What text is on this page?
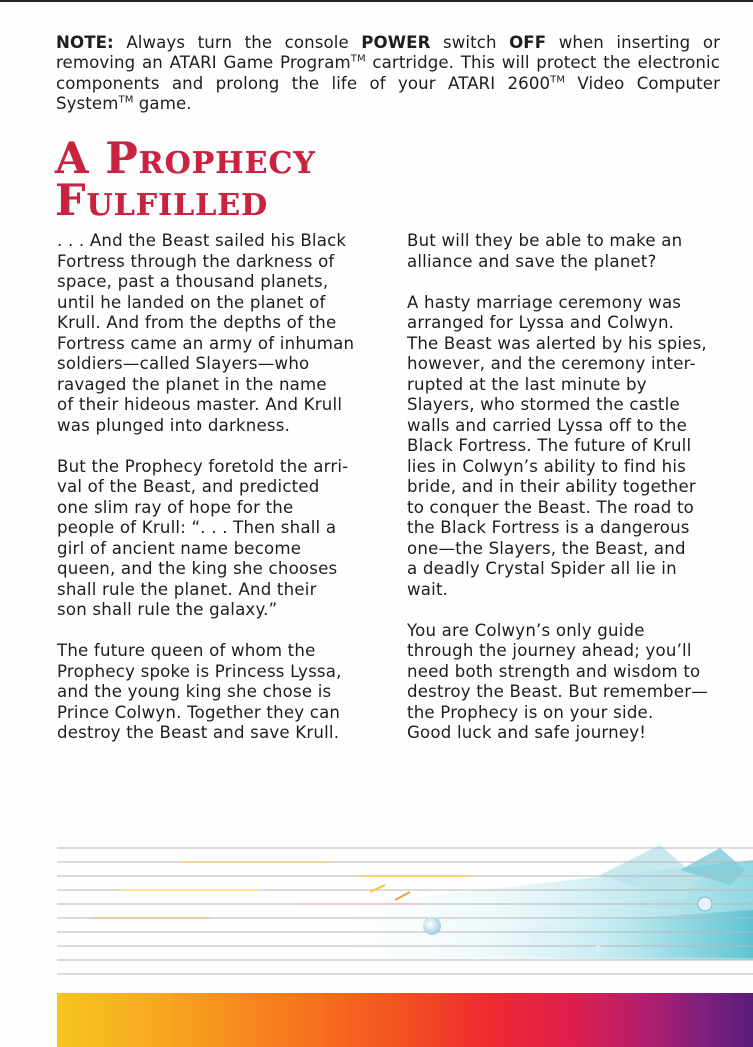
NOTE: Always turn the console POWER switch OFF when inserting or removing an ATARI Game Program™ cartridge. This will protect the electronic components and prolong the life of your ATARI 2600™ Video Computer System™ game.
A Prophecy
Fulfilled

. . . And the Beast sailed his Black
Fortress through the darkness of
space, past a thousand planets,
until he landed on the planet of
Krull. And from the depths of the
Fortress came an army of inhuman
soldiers—called Slayers—who
ravaged the planet in the name
of their hideous master. And Krull
was plunged into darkness.

But the Prophecy foretold the arri-
val of the Beast, and predicted
one slim ray of hope for the
people of Krull: “. . . Then shall a
girl of ancient name become
queen, and the king she chooses
shall rule the planet. And their
son shall rule the galaxy.”

The future queen of whom the
Prophecy spoke is Princess Lyssa,
and the young king she chose is
Prince Colwyn. Together they can
destroy the Beast and save Krull.

But will they be able to make an
alliance and save the planet?

A hasty marriage ceremony was
arranged for Lyssa and Colwyn.
The Beast was alerted by his spies,
however, and the ceremony inter-
rupted at the last minute by
Slayers, who stormed the castle
walls and carried Lyssa off to the
Black Fortress. The future of Krull
lies in Colwyn’s ability to find his
bride, and in their ability together
to conquer the Beast. The road to
the Black Fortress is a dangerous
one—the Slayers, the Beast, and
a deadly Crystal Spider all lie in
wait.

You are Colwyn’s only guide
through the journey ahead; you’ll
need both strength and wisdom to
destroy the Beast. But remember—
the Prophecy is on your side.
Good luck and safe journey!
